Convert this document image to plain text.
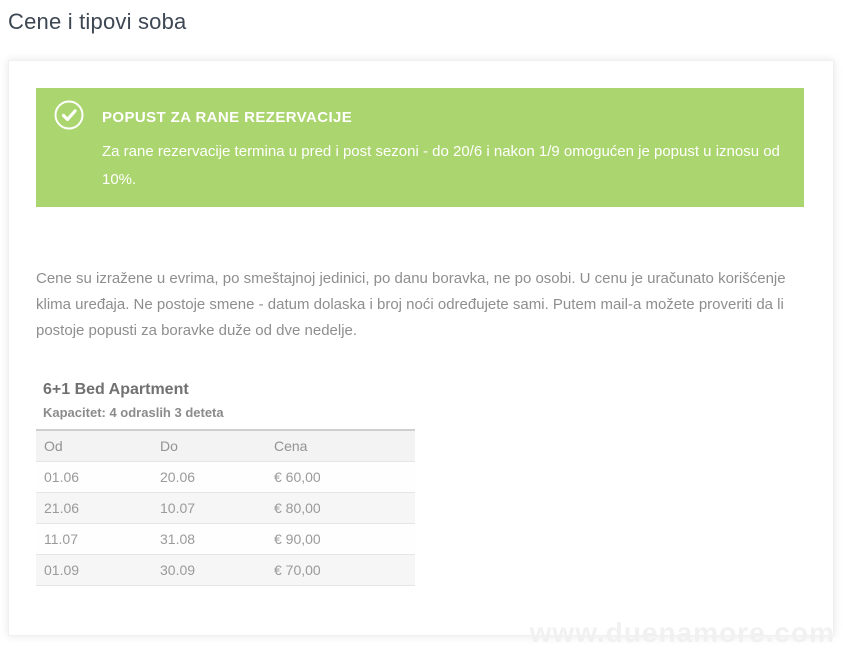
Cene i tipovi soba
POPUST ZA RANE REZERVACIJE
Za rane rezervacije termina u pred i post sezoni - do 20/6 i nakon 1/9 omogućen je popust u iznosu od 10%.

Cene su izražene u evrima, po smeštajnoj jedinici, po danu boravka, ne po osobi. U cenu je uračunato korišćenje klima uređaja. Ne postoje smene - datum dolaska i broj noći određujete sami. Putem mail-a možete proveriti da li postoje popusti za boravke duže od dve nedelje.

6+1 Bed Apartment
Kapacitet: 4 odraslih 3 deteta
Od	Do	Cena
01.06	20.06	€ 60,00
21.06	10.07	€ 80,00
11.07	31.08	€ 90,00
01.09	30.09	€ 70,00
www.duenamore.com
